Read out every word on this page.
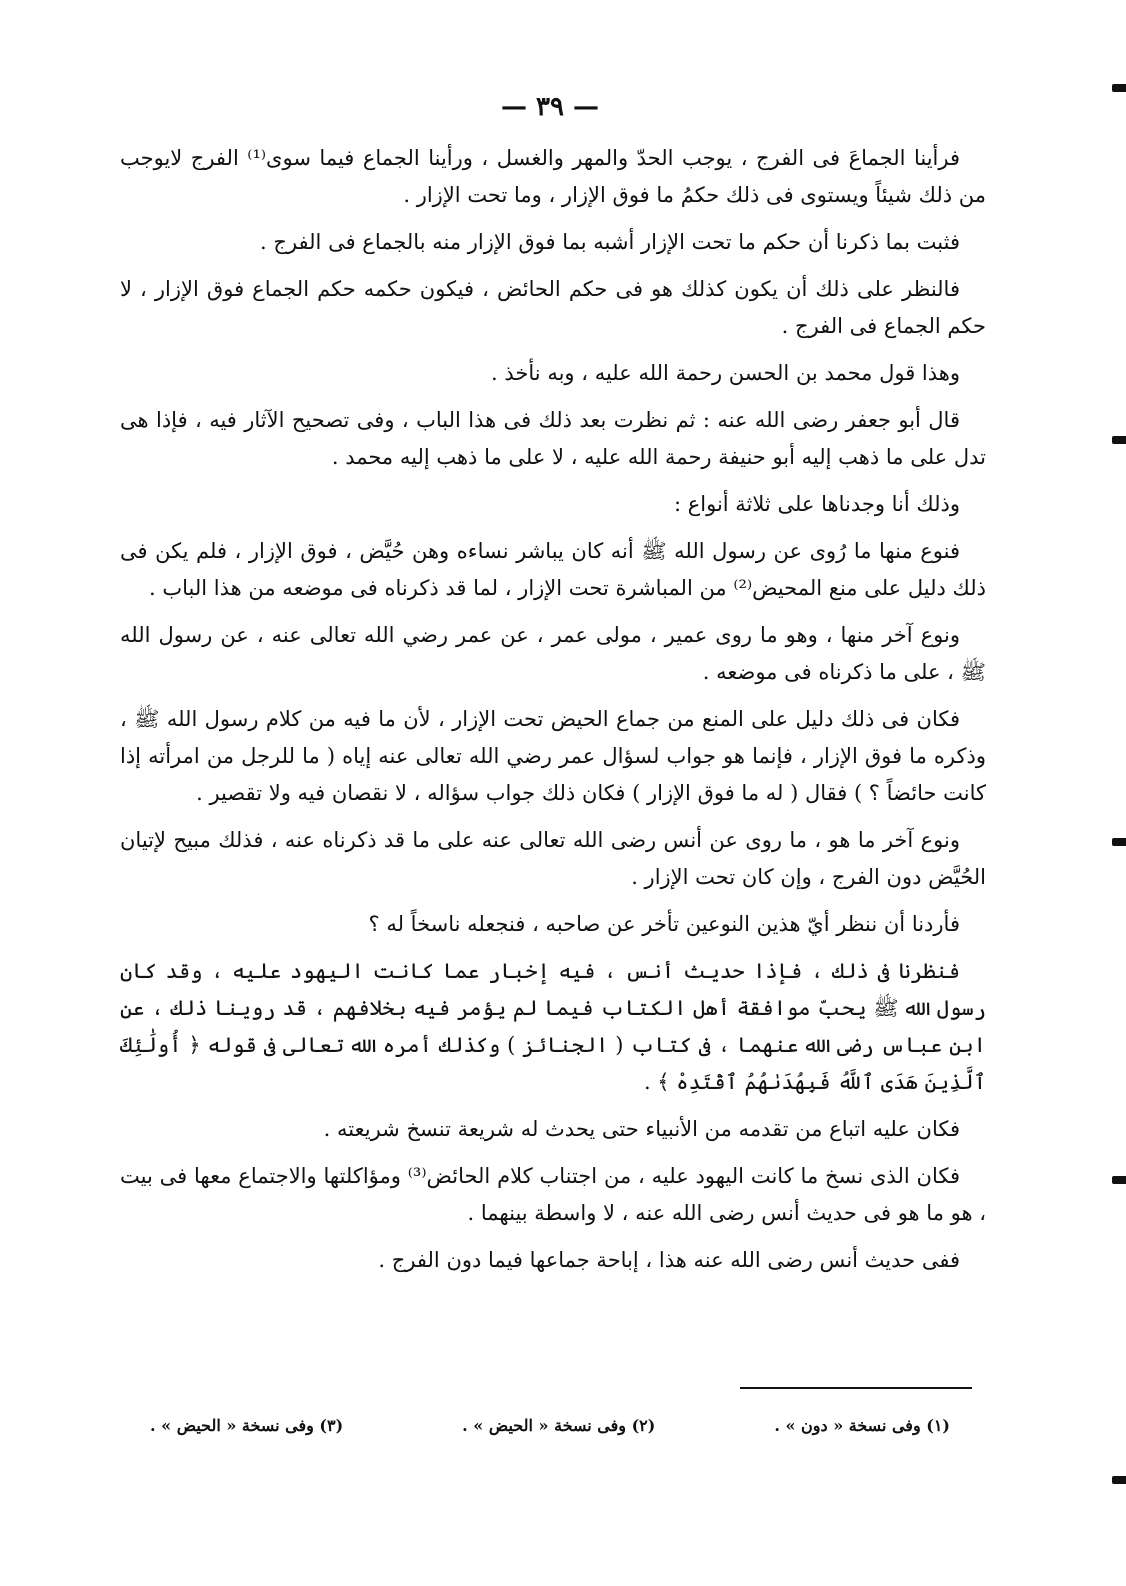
— ٣٩ —

فرأينا الجماعَ فى الفرج ، يوجب الحدّ والمهر والغسل ، ورأينا الجماع فيما سوى⁽¹⁾ الفرج لايوجب من ذلك شيئاً ويستوى فى ذلك حكمُ ما فوق الإزار ، وما تحت الإزار .

فثبت بما ذكرنا أن حكم ما تحت الإزار أشبه بما فوق الإزار منه بالجماع فى الفرج .

فالنظر على ذلك أن يكون كذلك هو فى حكم الحائض ، فيكون حكمه حكم الجماع فوق الإزار ، لا حكم الجماع فى الفرج .

وهذا قول محمد بن الحسن رحمة الله عليه ، وبه نأخذ .

قال أبو جعفر رضى الله عنه : ثم نظرت بعد ذلك فى هذا الباب ، وفى تصحيح الآثار فيه ، فإذا هى تدل على ما ذهب إليه أبو حنيفة رحمة الله عليه ، لا على ما ذهب إليه محمد .

وذلك أنا وجدناها على ثلاثة أنواع :

فنوع منها ما رُوى عن رسول الله ﷺ أنه كان يباشر نساءه وهن حُيَّض ، فوق الإزار ، فلم يكن فى ذلك دليل على منع المحيض⁽²⁾ من المباشرة تحت الإزار ، لما قد ذكرناه فى موضعه من هذا الباب .

ونوع آخر منها ، وهو ما روى عمير ، مولى عمر ، عن عمر رضي الله تعالى عنه ، عن رسول الله ﷺ ، على ما ذكرناه فى موضعه .

فكان فى ذلك دليل على المنع من جماع الحيض تحت الإزار ، لأن ما فيه من كلام رسول الله ﷺ ، وذكره ما فوق الإزار ، فإنما هو جواب لسؤال عمر رضي الله تعالى عنه إياه ( ما للرجل من امرأته إذا كانت حائضاً ؟ ) فقال ( له ما فوق الإزار ) فكان ذلك جواب سؤاله ، لا نقصان فيه ولا تقصير .

ونوع آخر ما هو ، ما روى عن أنس رضى الله تعالى عنه على ما قد ذكرناه عنه ، فذلك مبيح لإتيان الحُيَّض دون الفرج ، وإن كان تحت الإزار .

فأردنا أن ننظر أيّ هذين النوعين تأخر عن صاحبه ، فنجعله ناسخاً له ؟

فنظرنا فى ذلك ، فإذا حديث أنس ، فيه إخبار عما كانت اليهود عليه ، وقد كان رسول الله ﷺ يحبّ موافقة أهل الكتاب فيما لم يؤمر فيه بخلافهم ، قد روينا ذلك ، عن ابن عباس رضى الله عنهما ، فى كتاب ( الجنائز ) وكذلك أمره الله تعالى فى قوله ﴿ أُولَٰئِكَ ٱلَّذِينَ هَدَى ٱللَّهُ فَبِهُدَىٰهُمُ ٱقْتَدِهْ ﴾ .

فكان عليه اتباع من تقدمه من الأنبياء حتى يحدث له شريعة تنسخ شريعته .

فكان الذى نسخ ما كانت اليهود عليه ، من اجتناب كلام الحائض⁽³⁾ ومؤاكلتها والاجتماع معها فى بيت ، هو ما هو فى حديث أنس رضى الله عنه ، لا واسطة بينهما .

ففى حديث أنس رضى الله عنه هذا ، إباحة جماعها فيما دون الفرج .

(١) وفى نسخة « دون » .
(٢) وفى نسخة « الحيض » .
(٣) وفى نسخة « الحيض » .
